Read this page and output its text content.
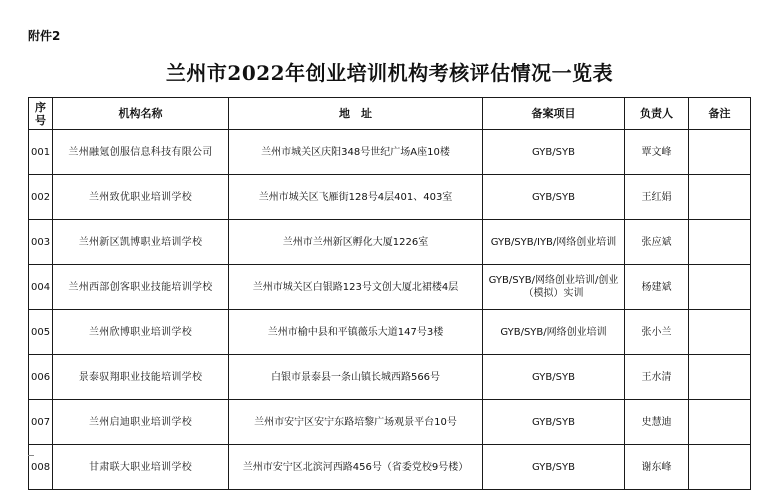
附件2
兰州市2022年创业培训机构考核评估情况一览表
序号	机构名称	地　址	备案项目	负责人	备注
001	兰州融氪创服信息科技有限公司	兰州市城关区庆阳348号世纪广场A座10楼	GYB/SYB	覃文峰	
002	兰州致优职业培训学校	兰州市城关区飞雁街128号4层401、403室	GYB/SYB	王红娟	
003	兰州新区凯博职业培训学校	兰州市兰州新区孵化大厦1226室	GYB/SYB/IYB/网络创业培训	张应斌	
004	兰州西部创客职业技能培训学校	兰州市城关区白银路123号文创大厦北裙楼4层	GYB/SYB/网络创业培训/创业（模拟）实训	杨建斌	
005	兰州欣博职业培训学校	兰州市榆中县和平镇薇乐大道147号3楼	GYB/SYB/网络创业培训	张小兰	
006	景泰驭翔职业技能培训学校	白银市景泰县一条山镇长城西路566号	GYB/SYB	王水清	
007	兰州启迪职业培训学校	兰州市安宁区安宁东路培黎广场观景平台10号	GYB/SYB	史慧迪	
008	甘肃联大职业培训学校	兰州市安宁区北滨河西路456号（省委党校9号楼）	GYB/SYB	谢东峰	
